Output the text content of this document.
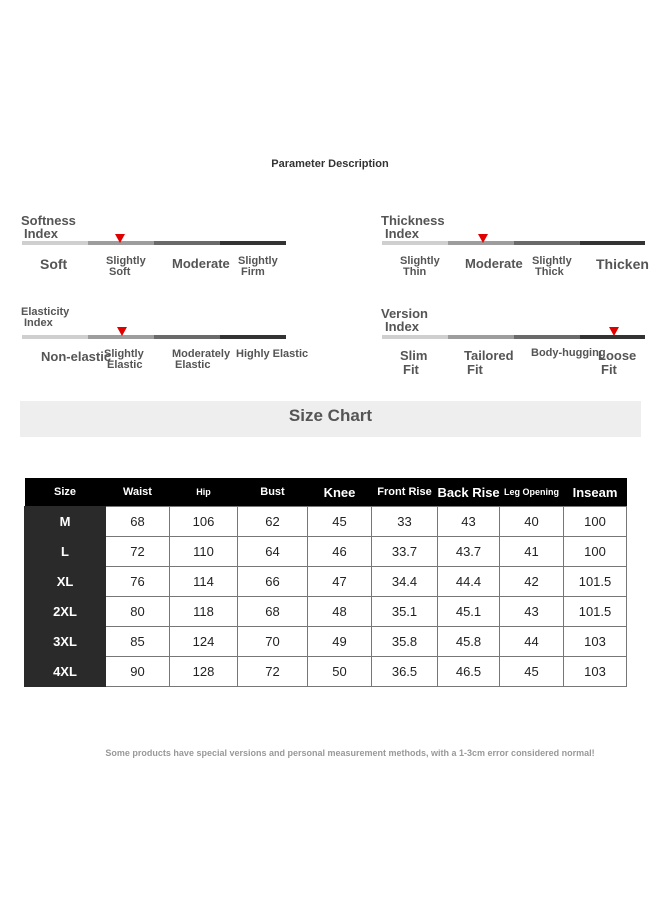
Parameter Description
Softness
Index
Soft	Slightly
Soft
Moderate Slightly
Firm
Thickness
Index
Slightly
Thin
Moderate Slightly
Thick	Thicken
Elasticity
Index
Non-elastic
Slightly
Elastic
Moderately
Elastic
Highly Elastic
Version
Index
Slim
Fit
Tailored
Fit
Body-hugging
Loose
Fit
Size Chart
Size	Waist	Hip	Bust	Knee	Front Rise	Back Rise	Leg Opening	Inseam
M	68	106	62	45	33	43	40	100
L	72	110	64	46	33.7	43.7	41	100
XL	76	114	66	47	34.4	44.4	42	101.5
2XL	80	118	68	48	35.1	45.1	43	101.5
3XL	85	124	70	49	35.8	45.8	44	103
4XL	90	128	72	50	36.5	46.5	45	103
Some products have special versions and personal measurement methods, with a 1-3cm error considered normal!
